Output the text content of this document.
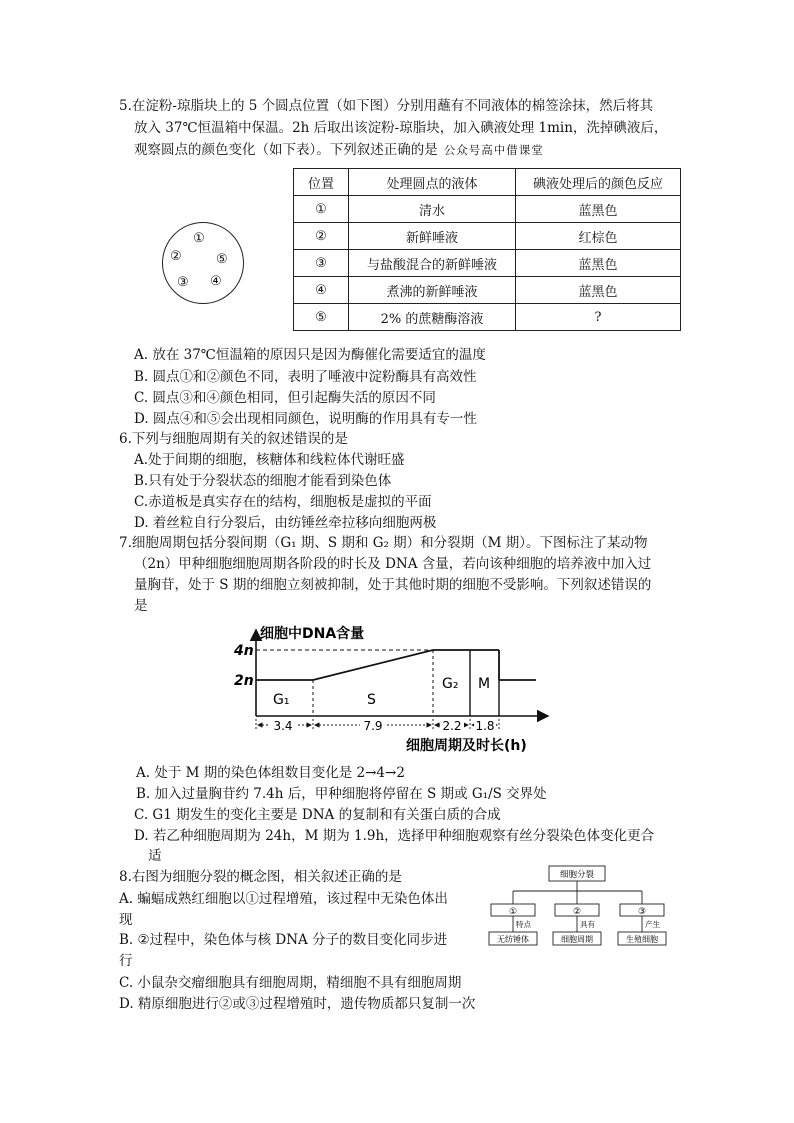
5.在淀粉-琼脂块上的 5 个圆点位置（如下图）分别用蘸有不同液体的棉签涂抹，然后将其
放入 37℃恒温箱中保温。2h 后取出该淀粉-琼脂块，加入碘液处理 1min，洗掉碘液后，
观察圆点的颜色变化（如下表）。下列叙述正确的是 公众号高中借课堂
①
②	⑤
③ ④
位置	处理圆点的液体	碘液处理后的颜色反应
①	清水	蓝黑色
②	新鲜唾液	红棕色
③	与盐酸混合的新鲜唾液	蓝黑色
④	煮沸的新鲜唾液	蓝黑色
⑤	2% 的蔗糖酶溶液	?
A. 放在 37℃恒温箱的原因只是因为酶催化需要适宜的温度
B. 圆点①和②颜色不同，表明了唾液中淀粉酶具有高效性
C. 圆点③和④颜色相同，但引起酶失活的原因不同
D. 圆点④和⑤会出现相同颜色，说明酶的作用具有专一性
6.下列与细胞周期有关的叙述错误的是
A.处于间期的细胞，核糖体和线粒体代谢旺盛
B.只有处于分裂状态的细胞才能看到染色体
C.赤道板是真实存在的结构，细胞板是虚拟的平面
D. 着丝粒自行分裂后，由纺锤丝牵拉移向细胞两极
7.细胞周期包括分裂间期（G₁ 期、S 期和 G₂ 期）和分裂期（M 期）。下图标注了某动物
（2n）甲种细胞细胞周期各阶段的时长及 DNA 含量，若向该种细胞的培养液中加入过
量胸苷，处于 S 期的细胞立刻被抑制，处于其他时期的细胞不受影响。下列叙述错误的
是
细胞中DNA含量
细胞周期及时长(h)
4n
2n
G₁	S
G₂ M
3.4	7.9	2.2 1.8
A. 处于 M 期的染色体组数目变化是 2→4→2
B. 加入过量胸苷约 7.4h 后，甲种细胞将停留在 S 期或 G₁/S 交界处
C. G1 期发生的变化主要是 DNA 的复制和有关蛋白质的合成
D. 若乙种细胞周期为 24h，M 期为 1.9h，选择甲种细胞观察有丝分裂染色体变化更合
适
8.右图为细胞分裂的概念图，相关叙述正确的是
A. 蝙蝠成熟红细胞以①过程增殖，该过程中无染色体出
现
B. ②过程中，染色体与核 DNA 分子的数目变化同步进
行
C. 小鼠杂交瘤细胞具有细胞周期，精细胞不具有细胞周期
D. 精原细胞进行②或③过程增殖时，遗传物质都只复制一次
细胞分裂
①	②	③
特点	具有	产生
无纺锤体	细胞周期	生殖细胞
